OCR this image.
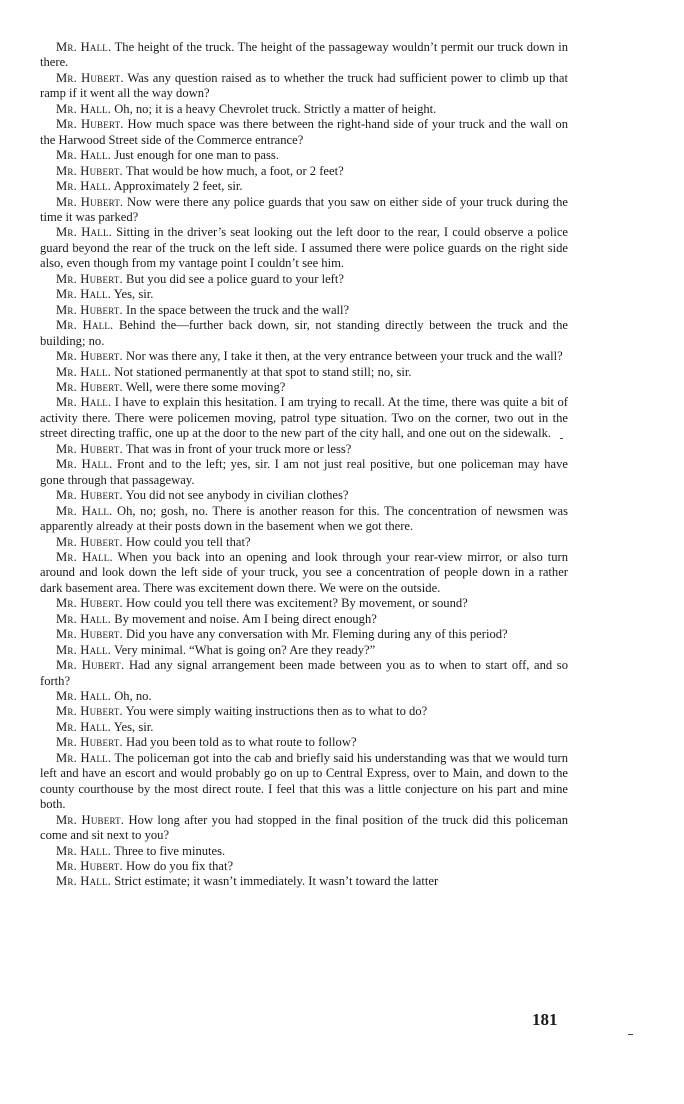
Mr. Hall. The height of the truck. The height of the passageway wouldn’t permit our truck down in there.

Mr. Hubert. Was any question raised as to whether the truck had sufficient power to climb up that ramp if it went all the way down?

Mr. Hall. Oh, no; it is a heavy Chevrolet truck. Strictly a matter of height.

Mr. Hubert. How much space was there between the right-hand side of your truck and the wall on the Harwood Street side of the Commerce entrance?

Mr. Hall. Just enough for one man to pass.

Mr. Hubert. That would be how much, a foot, or 2 feet?

Mr. Hall. Approximately 2 feet, sir.

Mr. Hubert. Now were there any police guards that you saw on either side of your truck during the time it was parked?

Mr. Hall. Sitting in the driver’s seat looking out the left door to the rear, I could observe a police guard beyond the rear of the truck on the left side. I assumed there were police guards on the right side also, even though from my vantage point I couldn’t see him.

Mr. Hubert. But you did see a police guard to your left?

Mr. Hall. Yes, sir.

Mr. Hubert. In the space between the truck and the wall?

Mr. Hall. Behind the—further back down, sir, not standing directly between the truck and the building; no.

Mr. Hubert. Nor was there any, I take it then, at the very entrance between your truck and the wall?

Mr. Hall. Not stationed permanently at that spot to stand still; no, sir.

Mr. Hubert. Well, were there some moving?

Mr. Hall. I have to explain this hesitation. I am trying to recall. At the time, there was quite a bit of activity there. There were policemen moving, patrol type situation. Two on the corner, two out in the street directing traffic, one up at the door to the new part of the city hall, and one out on the sidewalk.

Mr. Hubert. That was in front of your truck more or less?

Mr. Hall. Front and to the left; yes, sir. I am not just real positive, but one policeman may have gone through that passageway.

Mr. Hubert. You did not see anybody in civilian clothes?

Mr. Hall. Oh, no; gosh, no. There is another reason for this. The concentration of newsmen was apparently already at their posts down in the basement when we got there.

Mr. Hubert. How could you tell that?

Mr. Hall. When you back into an opening and look through your rear-view mirror, or also turn around and look down the left side of your truck, you see a concentration of people down in a rather dark basement area. There was excitement down there. We were on the outside.

Mr. Hubert. How could you tell there was excitement? By movement, or sound?

Mr. Hall. By movement and noise. Am I being direct enough?

Mr. Hubert. Did you have any conversation with Mr. Fleming during any of this period?

Mr. Hall. Very minimal. “What is going on? Are they ready?”

Mr. Hubert. Had any signal arrangement been made between you as to when to start off, and so forth?

Mr. Hall. Oh, no.

Mr. Hubert. You were simply waiting instructions then as to what to do?

Mr. Hall. Yes, sir.

Mr. Hubert. Had you been told as to what route to follow?

Mr. Hall. The policeman got into the cab and briefly said his understanding was that we would turn left and have an escort and would probably go on up to Central Express, over to Main, and down to the county courthouse by the most direct route. I feel that this was a little conjecture on his part and mine both.

Mr. Hubert. How long after you had stopped in the final position of the truck did this policeman come and sit next to you?

Mr. Hall. Three to five minutes.

Mr. Hubert. How do you fix that?

Mr. Hall. Strict estimate; it wasn’t immediately. It wasn’t toward the latter

181
